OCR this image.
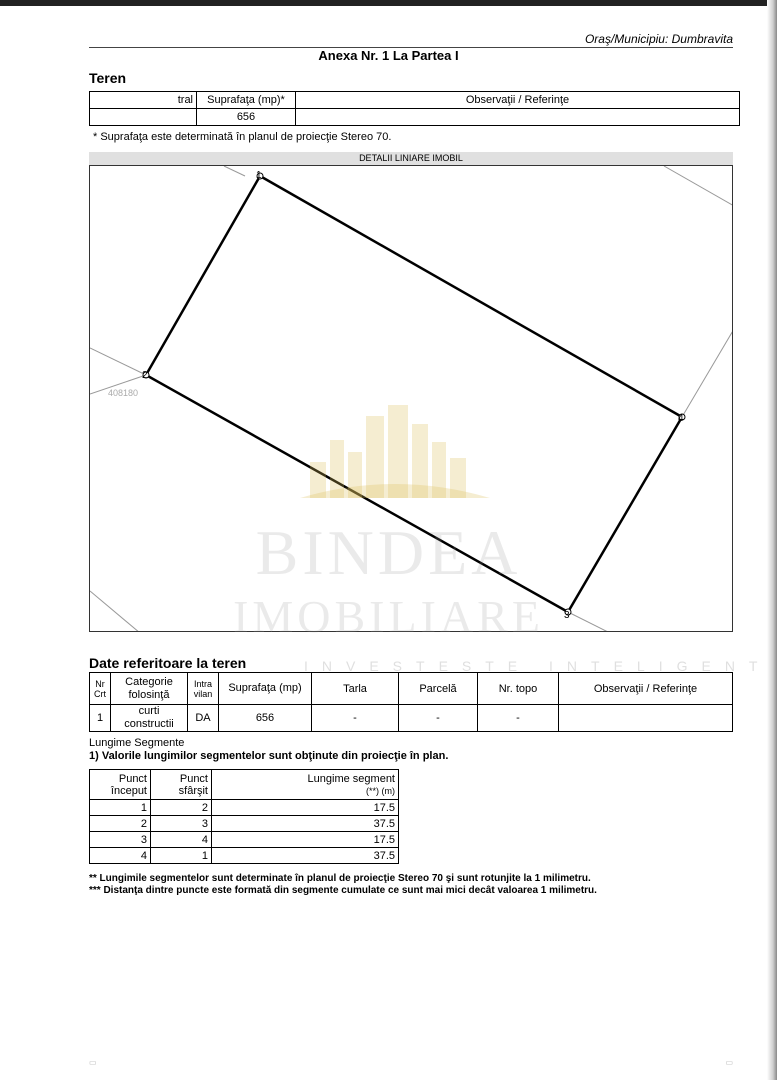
Oraş/Municipiu: Dumbravita
Anexa Nr. 1 La Partea I
Teren
tral	Suprafaţa (mp)*	Observaţii / Referinţe
	656	
* Suprafaţa este determinată în planul de proiecţie Stereo 70.
DETALII LINIARE IMOBIL
408180
1
2
3
4
BINDEA
IMOBILIARE
Date referitoare la teren	INVESTESTE INTELIGENT
Nr Crt	Categorie folosinţă	Intra vilan	Suprafaţa (mp)	Tarla	Parcelă	Nr. topo	Observaţii / Referinţe
1	curti constructii	DA	656	-	-	-	
Lungime Segmente
1) Valorile lungimilor segmentelor sunt obţinute din proiecţie în plan.
Punct început	Punct sfârşit	Lungime segment
(**) (m)
1	2	17.5
2	3	37.5
3	4	17.5
4	1	37.5
** Lungimile segmentelor sunt determinate în planul de proiecţie Stereo 70 şi sunt rotunjite la 1 milimetru.
*** Distanţa dintre puncte este formată din segmente cumulate ce sunt mai mici decât valoarea 1 milimetru.
▭	▭
